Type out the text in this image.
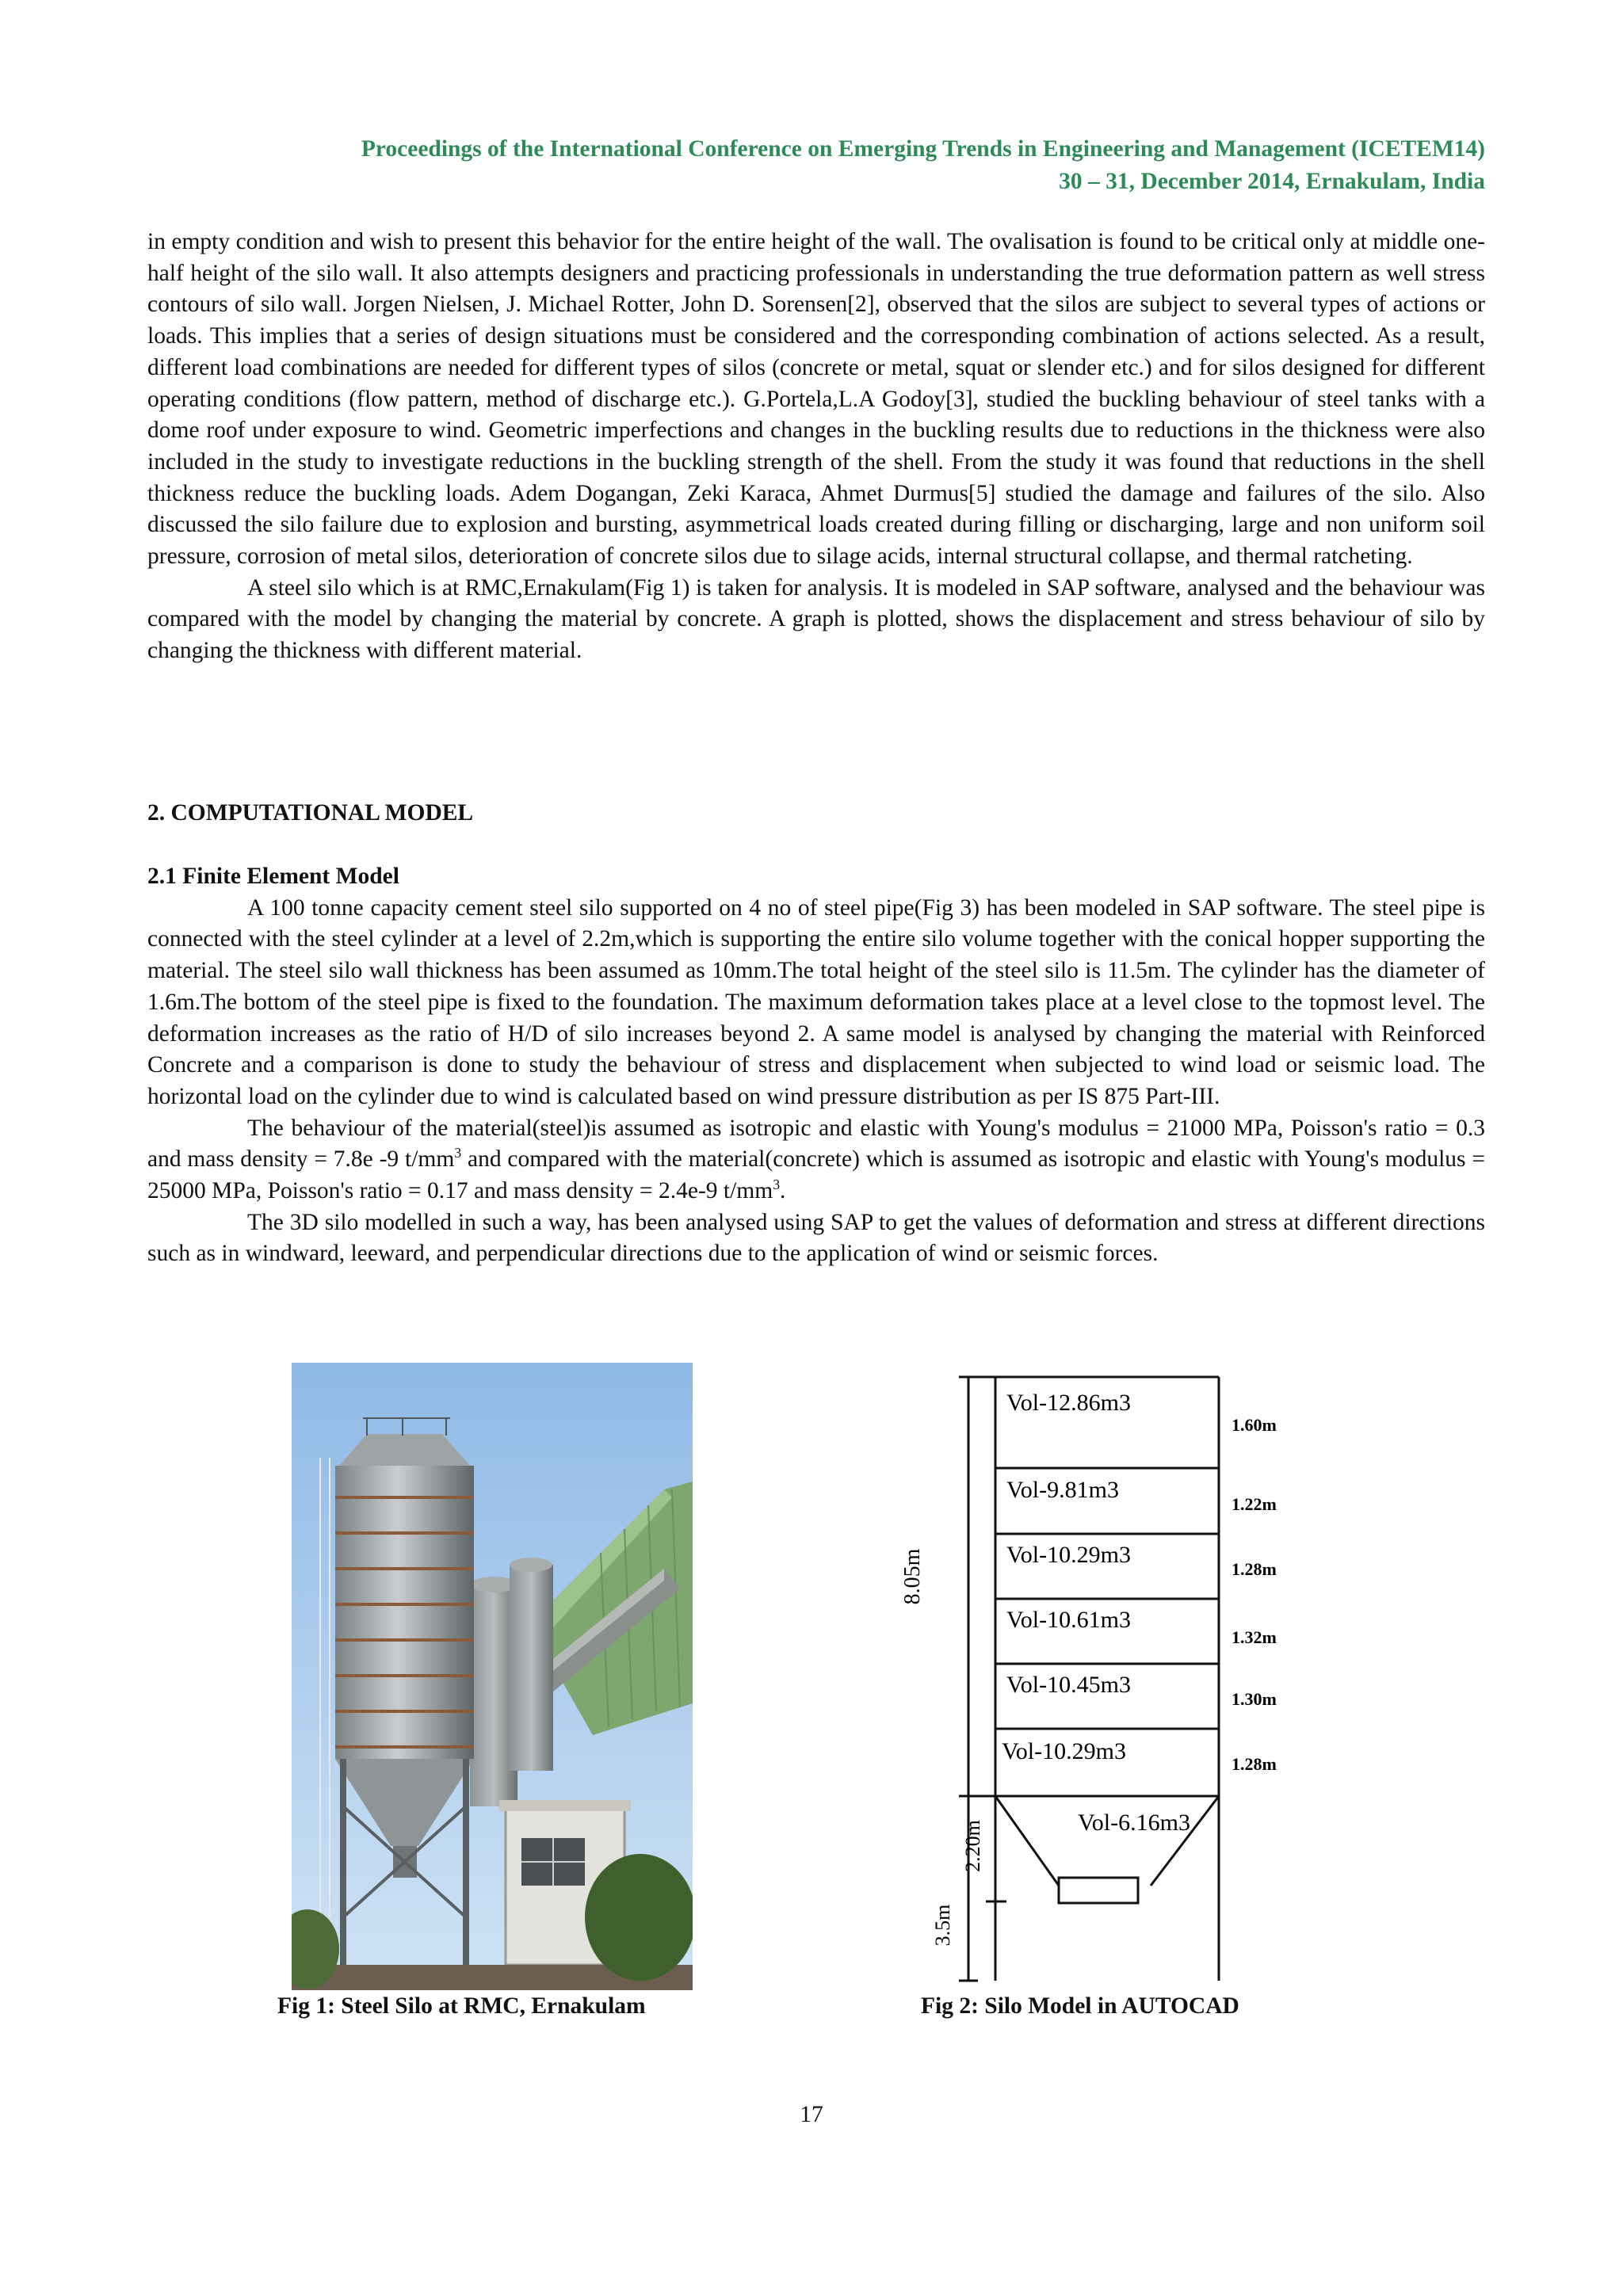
Proceedings of the International Conference on Emerging Trends in Engineering and Management (ICETEM14)
30 – 31, December 2014, Ernakulam, India

in empty condition and wish to present this behavior for the entire height of the wall. The ovalisation is found to be critical only at middle one-half height of the silo wall. It also attempts designers and practicing professionals in understanding the true deformation pattern as well stress contours of silo wall. Jorgen Nielsen, J. Michael Rotter, John D. Sorensen[2], observed that the silos are subject to several types of actions or loads. This implies that a series of design situations must be considered and the corresponding combination of actions selected. As a result, different load combinations are needed for different types of silos (concrete or metal, squat or slender etc.) and for silos designed for different operating conditions (flow pattern, method of discharge etc.). G.Portela,L.A Godoy[3], studied the buckling behaviour of steel tanks with a dome roof under exposure to wind. Geometric imperfections and changes in the buckling results due to reductions in the thickness were also included in the study to investigate reductions in the buckling strength of the shell. From the study it was found that reductions in the shell thickness reduce the buckling loads. Adem Dogangan, Zeki Karaca, Ahmet Durmus[5] studied the damage and failures of the silo. Also discussed the silo failure due to explosion and bursting, asymmetrical loads created during filling or discharging, large and non uniform soil pressure, corrosion of metal silos, deterioration of concrete silos due to silage acids, internal structural collapse, and thermal ratcheting.

A steel silo which is at RMC,Ernakulam(Fig 1) is taken for analysis. It is modeled in SAP software, analysed and the behaviour was compared with the model by changing the material by concrete. A graph is plotted, shows the displacement and stress behaviour of silo by changing the thickness with different material.

2. COMPUTATIONAL MODEL
2.1 Finite Element Model

A 100 tonne capacity cement steel silo supported on 4 no of steel pipe(Fig 3) has been modeled in SAP software. The steel pipe is connected with the steel cylinder at a level of 2.2m,which is supporting the entire silo volume together with the conical hopper supporting the material. The steel silo wall thickness has been assumed as 10mm.The total height of the steel silo is 11.5m. The cylinder has the diameter of 1.6m.The bottom of the steel pipe is fixed to the foundation. The maximum deformation takes place at a level close to the topmost level. The deformation increases as the ratio of H/D of silo increases beyond 2. A same model is analysed by changing the material with Reinforced Concrete and a comparison is done to study the behaviour of stress and displacement when subjected to wind load or seismic load. The horizontal load on the cylinder due to wind is calculated based on wind pressure distribution as per IS 875 Part-III.

The behaviour of the material(steel)is assumed as isotropic and elastic with Young's modulus = 21000 MPa, Poisson's ratio = 0.3 and mass density = 7.8e -9 $t/mm^3$ and compared with the material(concrete) which is assumed as isotropic and elastic with Young's modulus = 25000 MPa, Poisson's ratio = 0.17 and mass density = 2.4e-9 $t/mm^3$.

The 3D silo modelled in such a way, has been analysed using SAP to get the values of deformation and stress at different directions such as in windward, leeward, and perpendicular directions due to the application of wind or seismic forces.

Vol-12.86m3
Vol-9.81m3
Vol-10.29m3
Vol-10.61m3
Vol-10.45m3
Vol-10.29m3
Vol-6.16m3
1.60m
1.22m
1.28m
1.32m
1.30m
1.28m
8.05m
2.20m
3.5m
Fig 1: Steel Silo at RMC, Ernakulam	Fig 2: Silo Model in AUTOCAD
17
